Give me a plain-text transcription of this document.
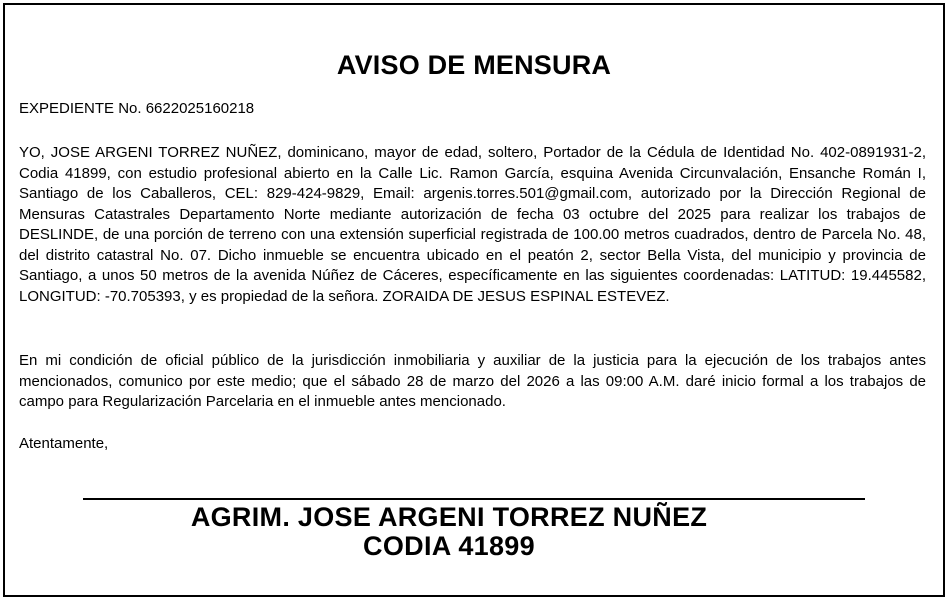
AVISO DE MENSURA
EXPEDIENTE No. 6622025160218
YO, JOSE ARGENI TORREZ NUÑEZ, dominicano, mayor de edad, soltero, Portador de la Cédula de Identidad No. 402-0891931-2, Codia 41899, con estudio profesional abierto en la Calle Lic. Ramon García, esquina Avenida Circunvalación, Ensanche Román I, Santiago de los Caballeros, CEL: 829-424-9829, Email: argenis.torres.501@gmail.com, autorizado por la Dirección Regional de Mensuras Catastrales Departamento Norte mediante autorización de fecha 03 octubre del 2025 para realizar los trabajos de DESLINDE, de una porción de terreno con una extensión superficial registrada de 100.00 metros cuadrados, dentro de Parcela No. 48, del distrito catastral No. 07. Dicho inmueble se encuentra ubicado en el peatón 2, sector Bella Vista, del municipio y provincia de Santiago, a unos 50 metros de la avenida Núñez de Cáceres, específicamente en las siguientes coordenadas: LATITUD: 19.445582, LONGITUD: -70.705393, y es propiedad de la señora. ZORAIDA DE JESUS ESPINAL ESTEVEZ.
En mi condición de oficial público de la jurisdicción inmobiliaria y auxiliar de la justicia para la ejecución de los trabajos antes mencionados, comunico por este medio; que el sábado 28 de marzo del 2026 a las 09:00 A.M. daré inicio formal a los trabajos de campo para Regularización Parcelaria en el inmueble antes mencionado.
Atentamente,
AGRIM. JOSE ARGENI TORREZ NUÑEZ
CODIA 41899
